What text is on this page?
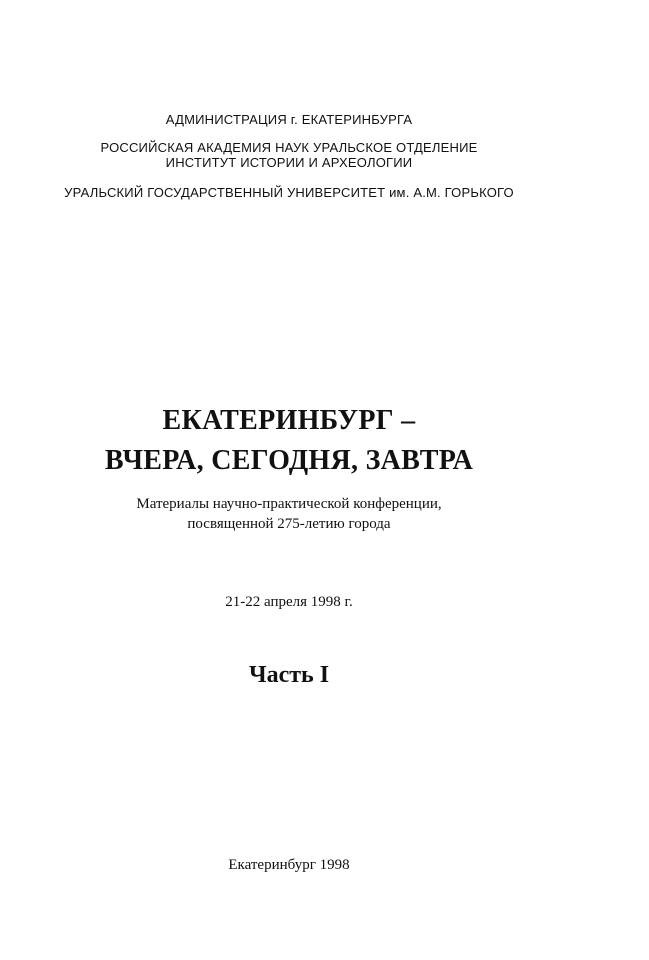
АДМИНИСТРАЦИЯ г. ЕКАТЕРИНБУРГА
РОССИЙСКАЯ АКАДЕМИЯ НАУК УРАЛЬСКОЕ ОТДЕЛЕНИЕ
ИНСТИТУТ ИСТОРИИ И АРХЕОЛОГИИ
УРАЛЬСКИЙ ГОСУДАРСТВЕННЫЙ УНИВЕРСИТЕТ им. А.М. ГОРЬКОГО
ЕКАТЕРИНБУРГ –
ВЧЕРА, СЕГОДНЯ, ЗАВТРА
Материалы научно-практической конференции,
посвященной 275-летию города
21-22 апреля 1998 г.
Часть I
Екатеринбург 1998
